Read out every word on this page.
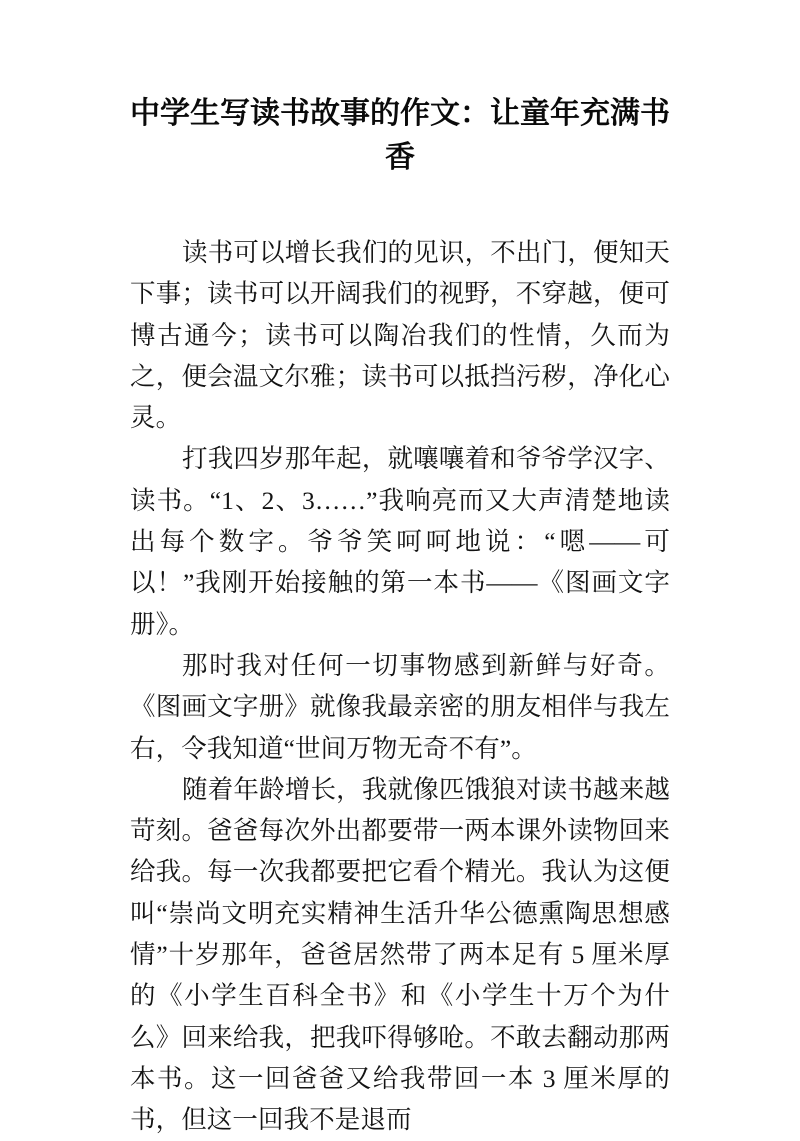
中学生写读书故事的作文：让童年充满书香

读书可以增长我们的见识，不出门，便知天下事；读书可以开阔我们的视野，不穿越，便可博古通今；读书可以陶冶我们的性情，久而为之，便会温文尔雅；读书可以抵挡污秽，净化心灵。

打我四岁那年起，就嚷嚷着和爷爷学汉字、读书。“1、2、3……”我响亮而又大声清楚地读出每个数字。爷爷笑呵呵地说：“嗯——可以！”我刚开始接触的第一本书——《图画文字册》。

那时我对任何一切事物感到新鲜与好奇。《图画文字册》就像我最亲密的朋友相伴与我左右，令我知道“世间万物无奇不有”。

随着年龄增长，我就像匹饿狼对读书越来越苛刻。爸爸每次外出都要带一两本课外读物回来给我。每一次我都要把它看个精光。我认为这便叫“崇尚文明充实精神生活升华公德熏陶思想感情”十岁那年，爸爸居然带了两本足有 5 厘米厚的《小学生百科全书》和《小学生十万个为什么》回来给我，把我吓得够呛。不敢去翻动那两本书。这一回爸爸又给我带回一本 3 厘米厚的书，但这一回我不是退而
